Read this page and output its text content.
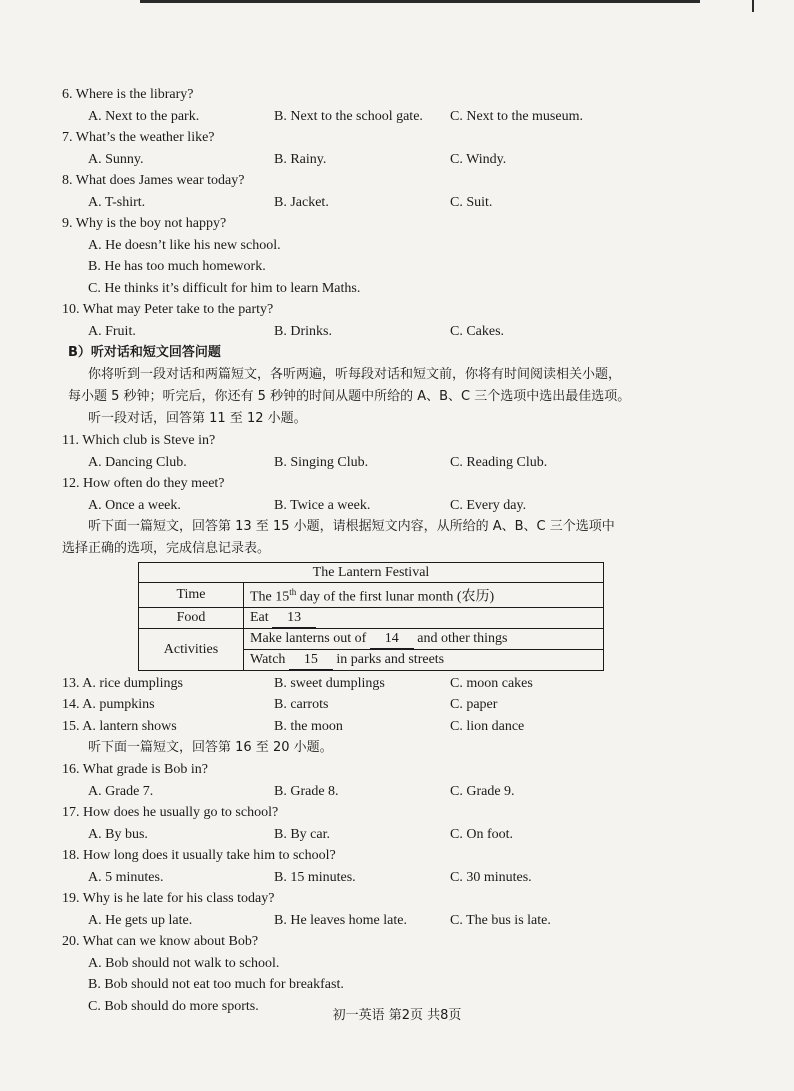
6. Where is the library?
A. Next to the park.	B. Next to the school gate. C. Next to the museum.
7. What’s the weather like?
A. Sunny.	B. Rainy.	C. Windy.
8. What does James wear today?
A. T-shirt.	B. Jacket.	C. Suit.
9. Why is the boy not happy?
A. He doesn’t like his new school.
B. He has too much homework.
C. He thinks it’s difficult for him to learn Maths.
10. What may Peter take to the party?
A. Fruit.	B. Drinks.	C. Cakes.
B）听对话和短文回答问题
你将听到一段对话和两篇短文，各听两遍，听每段对话和短文前，你将有时间阅读相关小题，
每小题 5 秒钟；听完后，你还有 5 秒钟的时间从题中所给的 A、B、C 三个选项中选出最佳选项。
听一段对话，回答第 11 至 12 小题。
11. Which club is Steve in?
A. Dancing Club.	B. Singing Club.	C. Reading Club.
12. How often do they meet?
A. Once a week.	B. Twice a week.	C. Every day.
听下面一篇短文，回答第 13 至 15 小题，请根据短文内容，从所给的 A、B、C 三个选项中
选择正确的选项，完成信息记录表。
The Lantern Festival	
Time	The 15th day of the first lunar month (农历)
Food	Eat 13
Activities	Make lanterns out of 14 and other things
	Watch 15 in parks and streets
13. A. rice dumplings	B. sweet dumplings	C. moon cakes
14. A. pumpkins	B. carrots	C. paper
15. A. lantern shows	B. the moon	C. lion dance
听下面一篇短文，回答第 16 至 20 小题。
16. What grade is Bob in?
A. Grade 7.	B. Grade 8.	C. Grade 9.
17. How does he usually go to school?
A. By bus.	B. By car.	C. On foot.
18. How long does it usually take him to school?
A. 5 minutes.	B. 15 minutes.	C. 30 minutes.
19. Why is he late for his class today?
A. He gets up late.	B. He leaves home late.	C. The bus is late.
20. What can we know about Bob?
A. Bob should not walk to school.
B. Bob should not eat too much for breakfast.
C. Bob should do more sports.
初一英语 第2页 共8页
